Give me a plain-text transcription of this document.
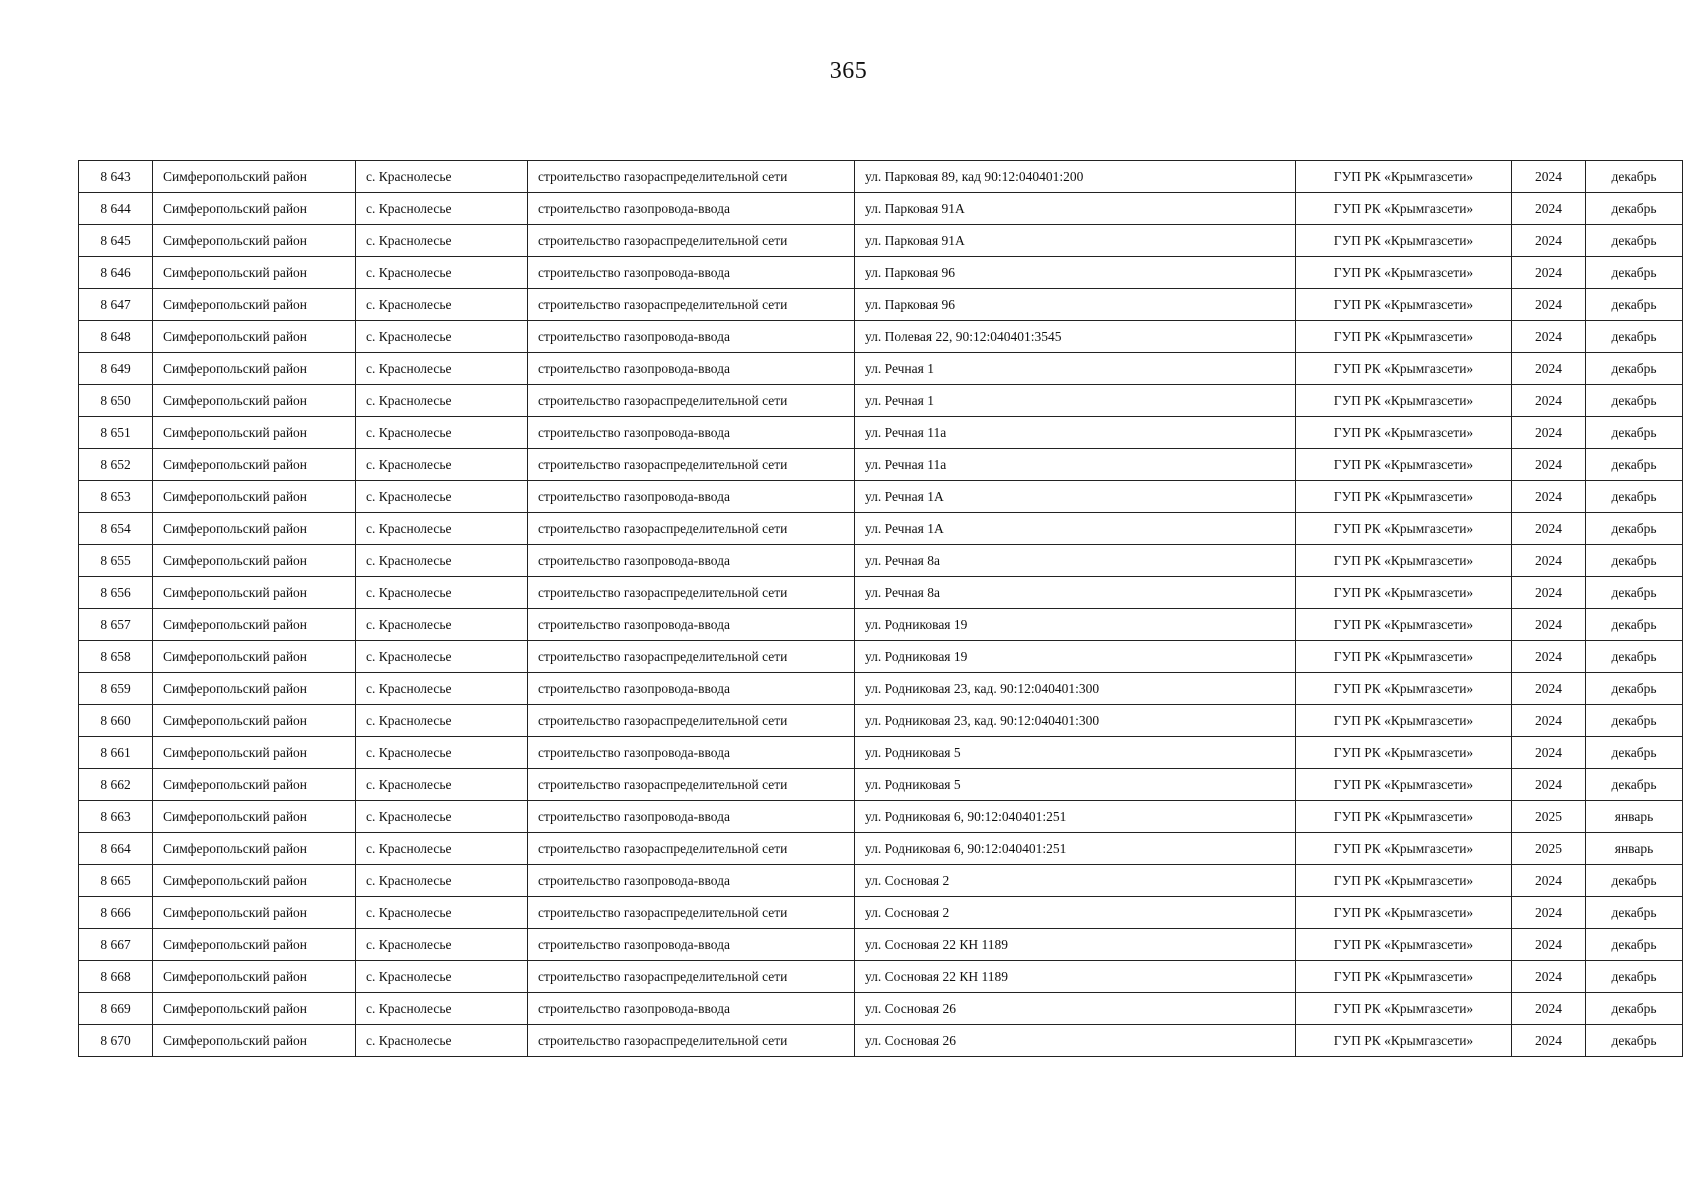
365
8 643	Симферопольский район	с. Краснолесье	строительство газораспределительной сети	ул. Парковая 89, кад 90:12:040401:200	ГУП РК «Крымгазсети»	2024	декабрь
8 644	Симферопольский район	с. Краснолесье	строительство газопровода-ввода	ул. Парковая 91А	ГУП РК «Крымгазсети»	2024	декабрь
8 645	Симферопольский район	с. Краснолесье	строительство газораспределительной сети	ул. Парковая 91А	ГУП РК «Крымгазсети»	2024	декабрь
8 646	Симферопольский район	с. Краснолесье	строительство газопровода-ввода	ул. Парковая 96	ГУП РК «Крымгазсети»	2024	декабрь
8 647	Симферопольский район	с. Краснолесье	строительство газораспределительной сети	ул. Парковая 96	ГУП РК «Крымгазсети»	2024	декабрь
8 648	Симферопольский район	с. Краснолесье	строительство газопровода-ввода	ул. Полевая 22, 90:12:040401:3545	ГУП РК «Крымгазсети»	2024	декабрь
8 649	Симферопольский район	с. Краснолесье	строительство газопровода-ввода	ул. Речная 1	ГУП РК «Крымгазсети»	2024	декабрь
8 650	Симферопольский район	с. Краснолесье	строительство газораспределительной сети	ул. Речная 1	ГУП РК «Крымгазсети»	2024	декабрь
8 651	Симферопольский район	с. Краснолесье	строительство газопровода-ввода	ул. Речная 11а	ГУП РК «Крымгазсети»	2024	декабрь
8 652	Симферопольский район	с. Краснолесье	строительство газораспределительной сети	ул. Речная 11а	ГУП РК «Крымгазсети»	2024	декабрь
8 653	Симферопольский район	с. Краснолесье	строительство газопровода-ввода	ул. Речная 1А	ГУП РК «Крымгазсети»	2024	декабрь
8 654	Симферопольский район	с. Краснолесье	строительство газораспределительной сети	ул. Речная 1А	ГУП РК «Крымгазсети»	2024	декабрь
8 655	Симферопольский район	с. Краснолесье	строительство газопровода-ввода	ул. Речная 8а	ГУП РК «Крымгазсети»	2024	декабрь
8 656	Симферопольский район	с. Краснолесье	строительство газораспределительной сети	ул. Речная 8а	ГУП РК «Крымгазсети»	2024	декабрь
8 657	Симферопольский район	с. Краснолесье	строительство газопровода-ввода	ул. Родниковая 19	ГУП РК «Крымгазсети»	2024	декабрь
8 658	Симферопольский район	с. Краснолесье	строительство газораспределительной сети	ул. Родниковая 19	ГУП РК «Крымгазсети»	2024	декабрь
8 659	Симферопольский район	с. Краснолесье	строительство газопровода-ввода	ул. Родниковая 23, кад. 90:12:040401:300	ГУП РК «Крымгазсети»	2024	декабрь
8 660	Симферопольский район	с. Краснолесье	строительство газораспределительной сети	ул. Родниковая 23, кад. 90:12:040401:300	ГУП РК «Крымгазсети»	2024	декабрь
8 661	Симферопольский район	с. Краснолесье	строительство газопровода-ввода	ул. Родниковая 5	ГУП РК «Крымгазсети»	2024	декабрь
8 662	Симферопольский район	с. Краснолесье	строительство газораспределительной сети	ул. Родниковая 5	ГУП РК «Крымгазсети»	2024	декабрь
8 663	Симферопольский район	с. Краснолесье	строительство газопровода-ввода	ул. Родниковая 6, 90:12:040401:251	ГУП РК «Крымгазсети»	2025	январь
8 664	Симферопольский район	с. Краснолесье	строительство газораспределительной сети	ул. Родниковая 6, 90:12:040401:251	ГУП РК «Крымгазсети»	2025	январь
8 665	Симферопольский район	с. Краснолесье	строительство газопровода-ввода	ул. Сосновая 2	ГУП РК «Крымгазсети»	2024	декабрь
8 666	Симферопольский район	с. Краснолесье	строительство газораспределительной сети	ул. Сосновая 2	ГУП РК «Крымгазсети»	2024	декабрь
8 667	Симферопольский район	с. Краснолесье	строительство газопровода-ввода	ул. Сосновая 22 КН 1189	ГУП РК «Крымгазсети»	2024	декабрь
8 668	Симферопольский район	с. Краснолесье	строительство газораспределительной сети	ул. Сосновая 22 КН 1189	ГУП РК «Крымгазсети»	2024	декабрь
8 669	Симферопольский район	с. Краснолесье	строительство газопровода-ввода	ул. Сосновая 26	ГУП РК «Крымгазсети»	2024	декабрь
8 670	Симферопольский район	с. Краснолесье	строительство газораспределительной сети	ул. Сосновая 26	ГУП РК «Крымгазсети»	2024	декабрь
